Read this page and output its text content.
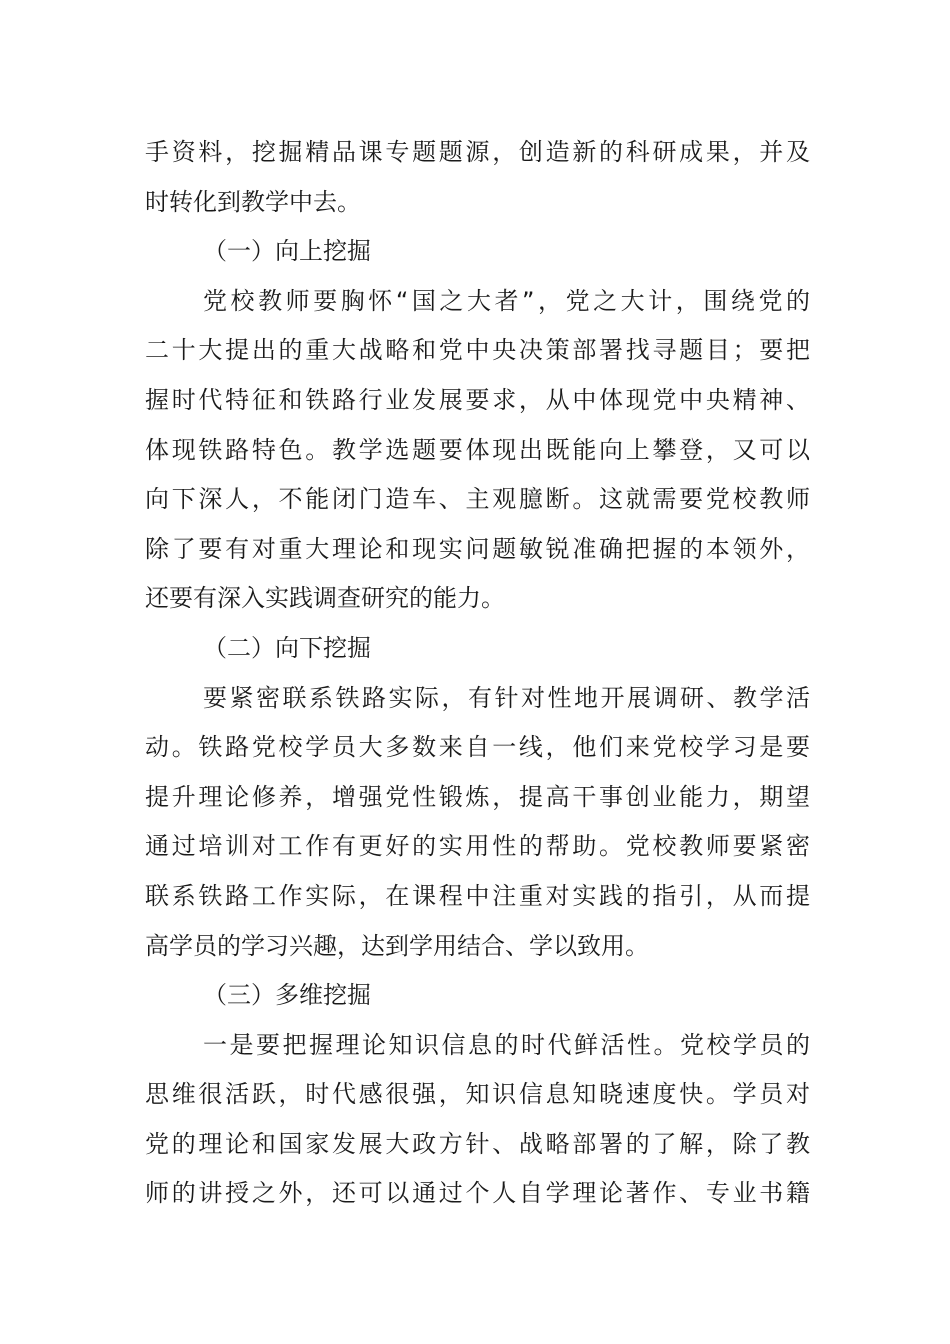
手资料，挖掘精品课专题题源，创造新的科研成果，并及
时转化到教学中去。
（一）向上挖掘
党校教师要胸怀“国之大者”，党之大计，围绕党的
二十大提出的重大战略和党中央决策部署找寻题目；要把
握时代特征和铁路行业发展要求，从中体现党中央精神、
体现铁路特色。教学选题要体现出既能向上攀登，又可以
向下深人，不能闭门造车、主观臆断。这就需要党校教师
除了要有对重大理论和现实问题敏锐准确把握的本领外，
还要有深入实践调查研究的能力。
（二）向下挖掘
要紧密联系铁路实际，有针对性地开展调研、教学活
动。铁路党校学员大多数来自一线，他们来党校学习是要
提升理论修养，增强党性锻炼，提高干事创业能力，期望
通过培训对工作有更好的实用性的帮助。党校教师要紧密
联系铁路工作实际，在课程中注重对实践的指引，从而提
高学员的学习兴趣，达到学用结合、学以致用。
（三）多维挖掘
一是要把握理论知识信息的时代鲜活性。党校学员的
思维很活跃，时代感很强，知识信息知晓速度快。学员对
党的理论和国家发展大政方针、战略部署的了解，除了教
师的讲授之外，还可以通过个人自学理论著作、专业书籍
